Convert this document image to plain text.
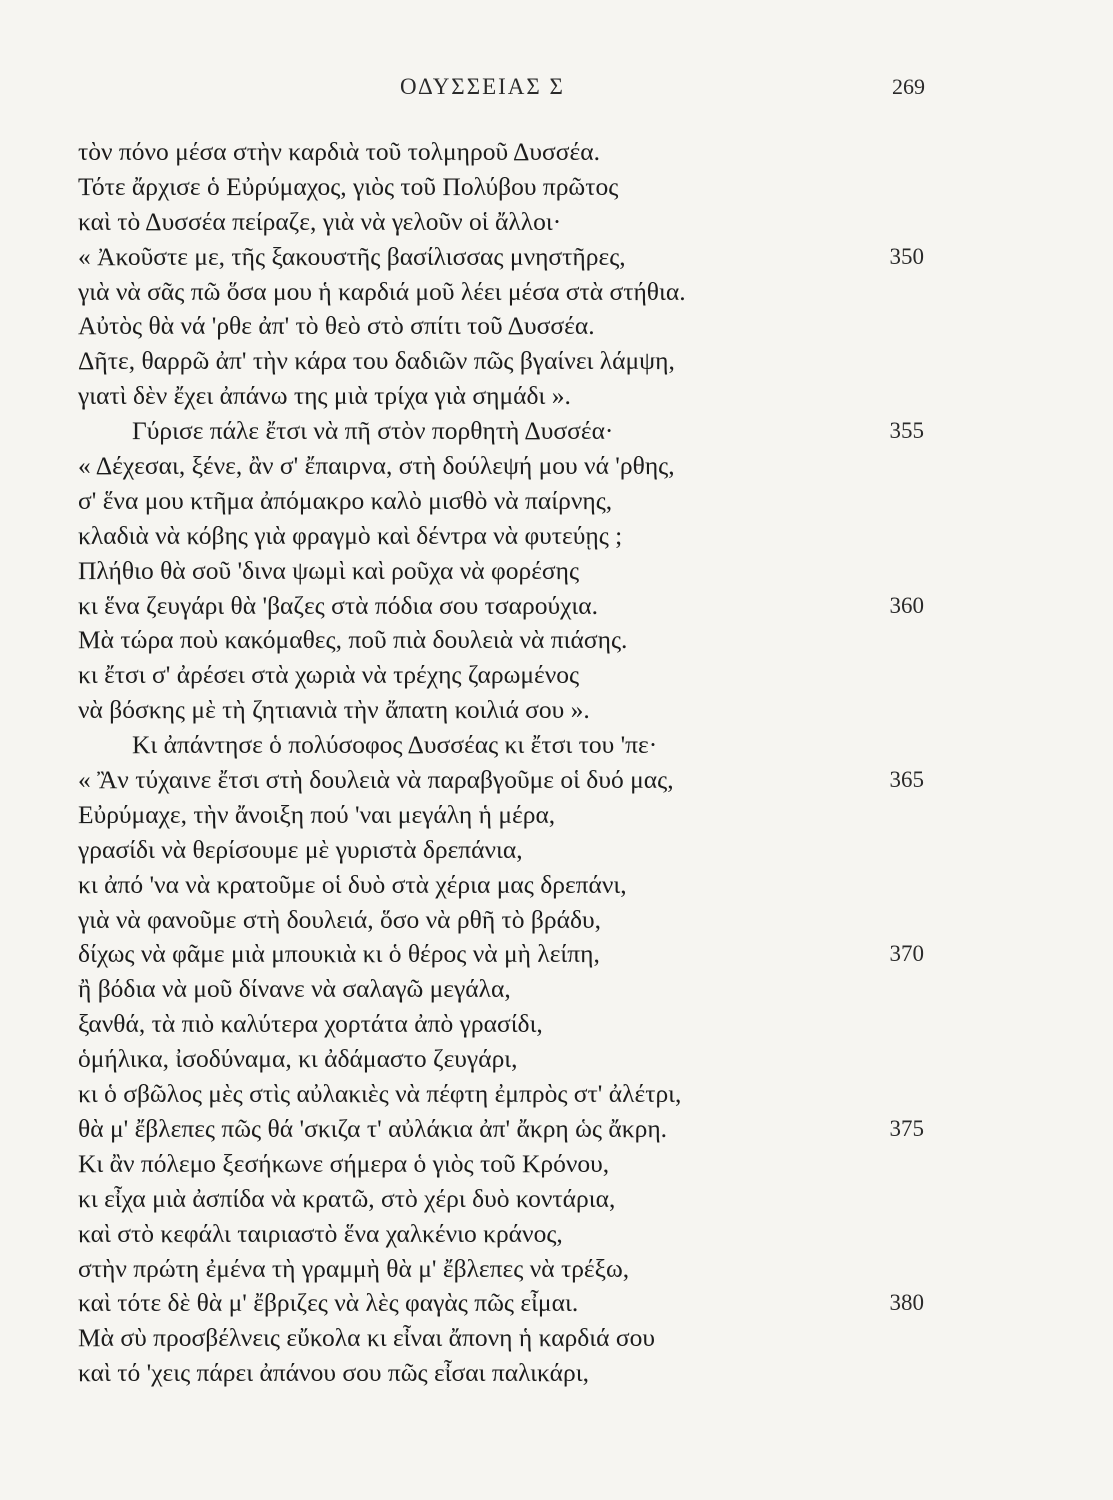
ΟΔΥΣΣΕΙΑΣ Σ	269
τὸν πόνο μέσα στὴν καρδιὰ τοῦ τολμηροῦ Δυσσέα.
Τότε ἄρχισε ὁ Εὐρύμαχος, γιὸς τοῦ Πολύβου πρῶτος
καὶ τὸ Δυσσέα πείραζε, γιὰ νὰ γελοῦν οἱ ἄλλοι·
« Ἀκοῦστε με, τῆς ξακουστῆς βασίλισσας μνηστῆρες,	350
γιὰ νὰ σᾶς πῶ ὅσα μου ἡ καρδιά μοῦ λέει μέσα στὰ στήθια.
Αὐτὸς θὰ νά 'ρθε ἀπ' τὸ θεὸ στὸ σπίτι τοῦ Δυσσέα.
Δῆτε, θαρρῶ ἀπ' τὴν κάρα του δαδιῶν πῶς βγαίνει λάμψη,
γιατὶ δὲν ἔχει ἀπάνω της μιὰ τρίχα γιὰ σημάδι ».
Γύρισε πάλε ἔτσι νὰ πῆ στὸν πορθητὴ Δυσσέα·	355
« Δέχεσαι, ξένε, ἂν σ' ἔπαιρνα, στὴ δούλεψή μου νά 'ρθης,
σ' ἕνα μου κτῆμα ἀπόμακρο καλὸ μισθὸ νὰ παίρνης,
κλαδιὰ νὰ κόβης γιὰ φραγμὸ καὶ δέντρα νὰ φυτεύῃς ;
Πλήθιο θὰ σοῦ 'δινα ψωμὶ καὶ ροῦχα νὰ φορέσης
κι ἕνα ζευγάρι θὰ 'βαζες στὰ πόδια σου τσαρούχια.	360
Μὰ τώρα ποὺ κακόμαθες, ποῦ πιὰ δουλειὰ νὰ πιάσης.
κι ἔτσι σ' ἀρέσει στὰ χωριὰ νὰ τρέχης ζαρωμένος
νὰ βόσκης μὲ τὴ ζητιανιὰ τὴν ἄπατη κοιλιά σου ».
Κι ἀπάντησε ὁ πολύσοφος Δυσσέας κι ἔτσι του 'πε·
« Ἂν τύχαινε ἔτσι στὴ δουλειὰ νὰ παραβγοῦμε οἱ δυό μας,	365
Εὐρύμαχε, τὴν ἄνοιξη πού 'ναι μεγάλη ἡ μέρα,
γρασίδι νὰ θερίσουμε μὲ γυριστὰ δρεπάνια,
κι ἀπό 'να νὰ κρατοῦμε οἱ δυὸ στὰ χέρια μας δρεπάνι,
γιὰ νὰ φανοῦμε στὴ δουλειά, ὅσο νὰ ρθῆ τὸ βράδυ,
δίχως νὰ φᾶμε μιὰ μπουκιὰ κι ὁ θέρος νὰ μὴ λείπη,	370
ἢ βόδια νὰ μοῦ δίνανε νὰ σαλαγῶ μεγάλα,
ξανθά, τὰ πιὸ καλύτερα χορτάτα ἀπὸ γρασίδι,
ὁμήλικα, ἰσοδύναμα, κι ἀδάμαστο ζευγάρι,
κι ὁ σβῶλος μὲς στὶς αὐλακιὲς νὰ πέφτη ἐμπρὸς στ' ἀλέτρι,
θὰ μ' ἔβλεπες πῶς θά 'σκιζα τ' αὐλάκια ἀπ' ἄκρη ὡς ἄκρη.	375
Κι ἂν πόλεμο ξεσήκωνε σήμερα ὁ γιὸς τοῦ Κρόνου,
κι εἶχα μιὰ ἀσπίδα νὰ κρατῶ, στὸ χέρι δυὸ κοντάρια,
καὶ στὸ κεφάλι ταιριαστὸ ἕνα χαλκένιο κράνος,
στὴν πρώτη ἐμένα τὴ γραμμὴ θὰ μ' ἔβλεπες νὰ τρέξω,
καὶ τότε δὲ θὰ μ' ἔβριζες νὰ λὲς φαγὰς πῶς εἶμαι.	380
Μὰ σὺ προσβέλνεις εὔκολα κι εἶναι ἄπονη ἡ καρδιά σου
καὶ τό 'χεις πάρει ἀπάνου σου πῶς εἶσαι παλικάρι,
